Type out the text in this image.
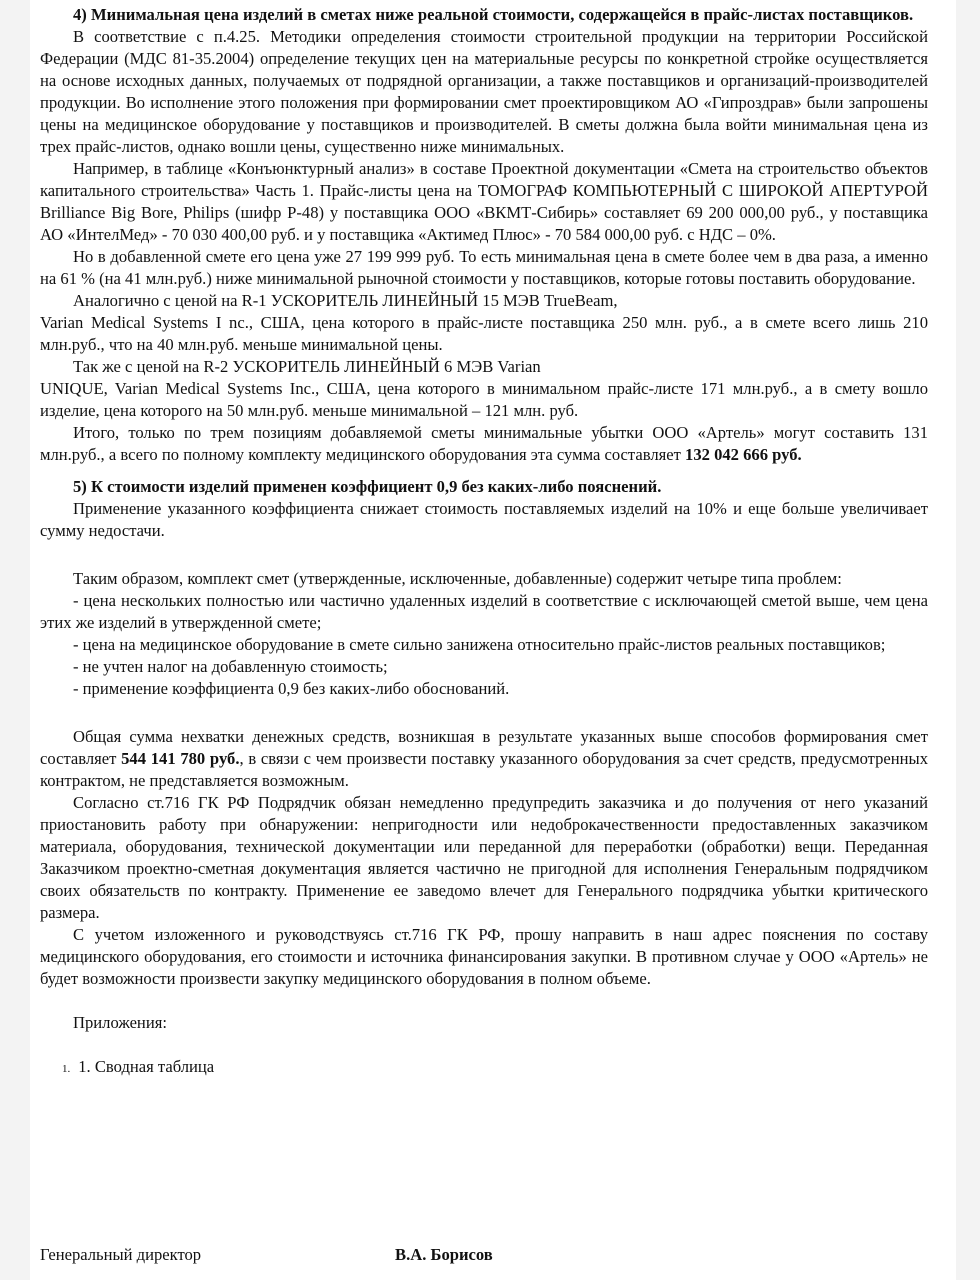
4) Минимальная цена изделий в сметах ниже реальной стоимости, содержащейся в прайс-листах поставщиков.

В соответствие с п.4.25. Методики определения стоимости строительной продукции на территории Российской Федерации (МДС 81-35.2004) определение текущих цен на материальные ресурсы по конкретной стройке осуществляется на основе исходных данных, получаемых от подрядной организации, а также поставщиков и организаций-производителей продукции. Во исполнение этого положения при формировании смет проектировщиком АО «Гипроздрав» были запрошены цены на медицинское оборудование у поставщиков и производителей. В сметы должна была войти минимальная цена из трех прайс-листов, однако вошли цены, существенно ниже минимальных.

Например, в таблице «Конъюнктурный анализ» в составе Проектной документации «Смета на строительство объектов капитального строительства» Часть 1. Прайс-листы цена на ТОМОГРАФ КОМПЬЮТЕРНЫЙ С ШИРОКОЙ АПЕРТУРОЙ Brilliance Big Bore, Philips (шифр Р-48) у поставщика ООО «ВКМТ-Сибирь» составляет 69 200 000,00 руб., у поставщика АО «ИнтелМед» - 70 030 400,00 руб. и у поставщика «Актимед Плюс» - 70 584 000,00 руб. с НДС – 0%.

Но в добавленной смете его цена уже 27 199 999 руб. То есть минимальная цена в смете более чем в два раза, а именно на 61 % (на 41 млн.руб.) ниже минимальной рыночной стоимости у поставщиков, которые готовы поставить оборудование.

Аналогично с ценой на R-1 УСКОРИТЕЛЬ ЛИНЕЙНЫЙ 15 МЭВ TrueBeam,

Varian Medical Systems I nc., США, цена которого в прайс-листе поставщика 250 млн. руб., а в смете всего лишь 210 млн.руб., что на 40 млн.руб. меньше минимальной цены.

Так же с ценой на R-2 УСКОРИТЕЛЬ ЛИНЕЙНЫЙ 6 МЭВ Varian

UNIQUE, Varian Medical Systems Inc., США, цена которого в минимальном прайс-листе 171 млн.руб., а в смету вошло изделие, цена которого на 50 млн.руб. меньше минимальной – 121 млн. руб.

Итого, только по трем позициям добавляемой сметы минимальные убытки ООО «Артель» могут составить 131 млн.руб., а всего по полному комплекту медицинского оборудования эта сумма составляет 132 042 666 руб.

5) К стоимости изделий применен коэффициент 0,9 без каких-либо пояснений.

Применение указанного коэффициента снижает стоимость поставляемых изделий на 10% и еще больше увеличивает сумму недостачи.

Таким образом, комплект смет (утвержденные, исключенные, добавленные) содержит четыре типа проблем:

- цена нескольких полностью или частично удаленных изделий в соответствие с исключающей сметой выше, чем цена этих же изделий в утвержденной смете;

- цена на медицинское оборудование в смете сильно занижена относительно прайс-листов реальных поставщиков;

- не учтен налог на добавленную стоимость;

- применение коэффициента 0,9 без каких-либо обоснований.

Общая сумма нехватки денежных средств, возникшая в результате указанных выше способов формирования смет составляет 544 141 780 руб., в связи с чем произвести поставку указанного оборудования за счет средств, предусмотренных контрактом, не представляется возможным.

Согласно ст.716 ГК РФ Подрядчик обязан немедленно предупредить заказчика и до получения от него указаний приостановить работу при обнаружении: непригодности или недоброкачественности предоставленных заказчиком материала, оборудования, технической документации или переданной для переработки (обработки) вещи. Переданная Заказчиком проектно-сметная документация является частично не пригодной для исполнения Генеральным подрядчиком своих обязательств по контракту. Применение ее заведомо влечет для Генерального подрядчика убытки критического размера.

С учетом изложенного и руководствуясь ст.716 ГК РФ, прошу направить в наш адрес пояснения по составу медицинского оборудования, его стоимости и источника финансирования закупки. В противном случае у ООО «Артель» не будет возможности произвести закупку медицинского оборудования в полном объеме.

Приложения:

1. 1. Сводная таблица

Генеральный директор	В.А. Борисов
